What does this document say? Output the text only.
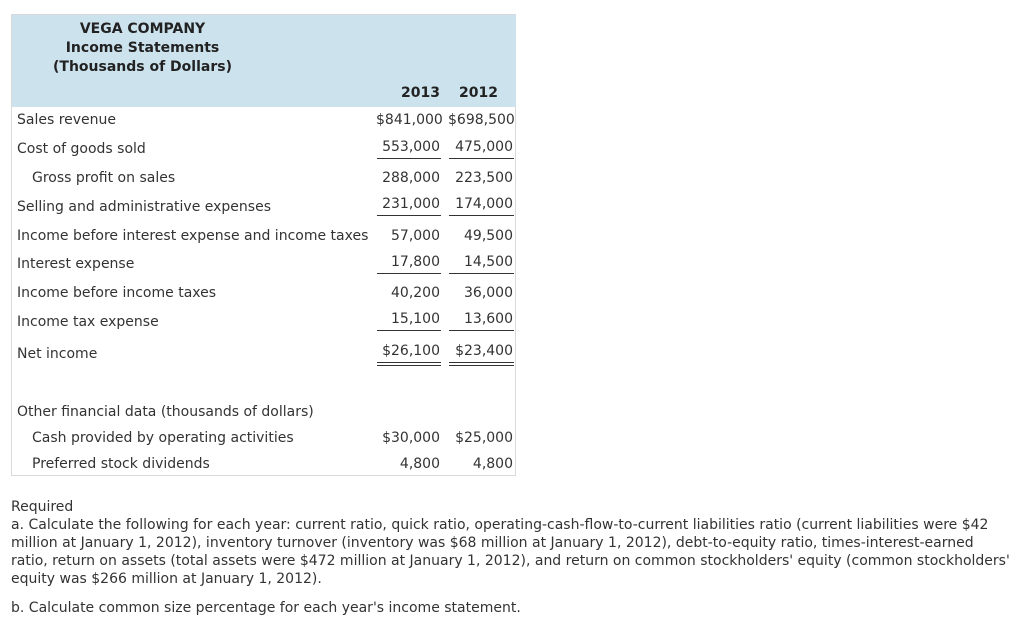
VEGA COMPANY
Income Statements
(Thousands of Dollars)
2013	2012
Sales revenue	$841,000 $698,500
Cost of goods sold	553,000	475,000
Gross profit on sales	288,000	223,500
Selling and administrative expenses	231,000	174,000
Income before interest expense and income taxes	57,000	49,500
Interest expense	17,800	14,500
Income before income taxes	40,200	36,000
Income tax expense	15,100	13,600
Net income	$26,100	$23,400
Other financial data (thousands of dollars)
Cash provided by operating activities	$30,000	$25,000
Preferred stock dividends	4,800	4,800
Required
a. Calculate the following for each year: current ratio, quick ratio, operating-cash-flow-to-current liabilities ratio (current liabilities were $42 million at January 1, 2012), inventory turnover (inventory was $68 million at January 1, 2012), debt-to-equity ratio, times-interest-earned ratio, return on assets (total assets were $472 million at January 1, 2012), and return on common stockholders' equity (common stockholders' equity was $266 million at January 1, 2012).
b. Calculate common size percentage for each year's income statement.
